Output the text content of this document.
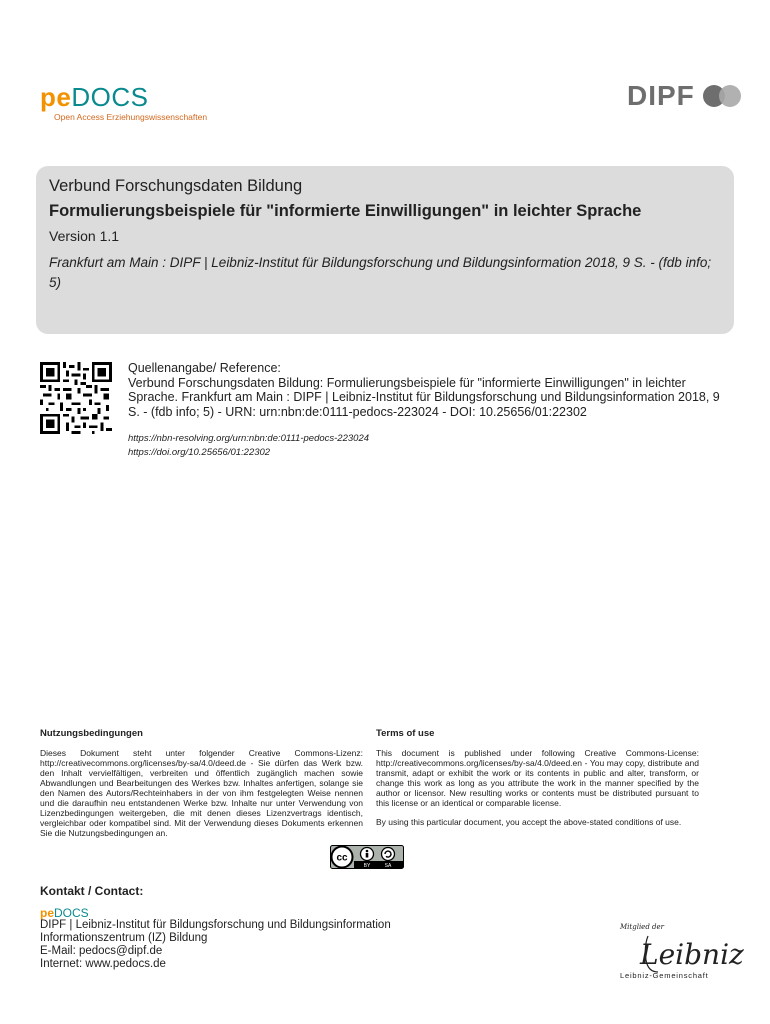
peDOCS
Open Access Erziehungswissenschaften
DIPF
Verbund Forschungsdaten Bildung
Formulierungsbeispiele für "informierte Einwilligungen" in leichter Sprache
Version 1.1
Frankfurt am Main : DIPF | Leibniz-Institut für Bildungsforschung und Bildungsinformation 2018, 9 S. - (fdb info; 5)
Quellenangabe/ Reference:
Verbund Forschungsdaten Bildung: Formulierungsbeispiele für "informierte Einwilligungen" in leichter Sprache. Frankfurt am Main : DIPF | Leibniz-Institut für Bildungsforschung und Bildungsinformation 2018, 9 S. - (fdb info; 5) - URN: urn:nbn:de:0111-pedocs-223024 - DOI: 10.25656/01:22302
https://nbn-resolving.org/urn:nbn:de:0111-pedocs-223024
https://doi.org/10.25656/01:22302
Nutzungsbedingungen

Dieses Dokument steht unter folgender Creative Commons-Lizenz: http://creativecommons.org/licenses/by-sa/4.0/deed.de - Sie dürfen das Werk bzw. den Inhalt vervielfältigen, verbreiten und öffentlich zugänglich machen sowie Abwandlungen und Bearbeitungen des Werkes bzw. Inhaltes anfertigen, solange sie den Namen des Autors/Rechteinhabers in der von ihm festgelegten Weise nennen und die daraufhin neu entstandenen Werke bzw. Inhalte nur unter Verwendung von Lizenzbedingungen weitergeben, die mit denen dieses Lizenzvertrags identisch, vergleichbar oder kompatibel sind. Mit der Verwendung dieses Dokuments erkennen Sie die Nutzungsbedingungen an.

Terms of use

This document is published under following Creative Commons-License: http://creativecommons.org/licenses/by-sa/4.0/deed.en - You may copy, distribute and transmit, adapt or exhibit the work or its contents in public and alter, transform, or change this work as long as you attribute the work in the manner specified by the author or licensor. New resulting works or contents must be distributed pursuant to this license or an identical or comparable license.

By using this particular document, you accept the above-stated conditions of use.

cc
BY	SA
Kontakt / Contact:
peDOCS
DIPF | Leibniz-Institut für Bildungsforschung und Bildungsinformation
Informationszentrum (IZ) Bildung
E-Mail: pedocs@dipf.de
Internet: www.pedocs.de
Mitglied der
Leibniz
Leibniz-Gemeinschaft
